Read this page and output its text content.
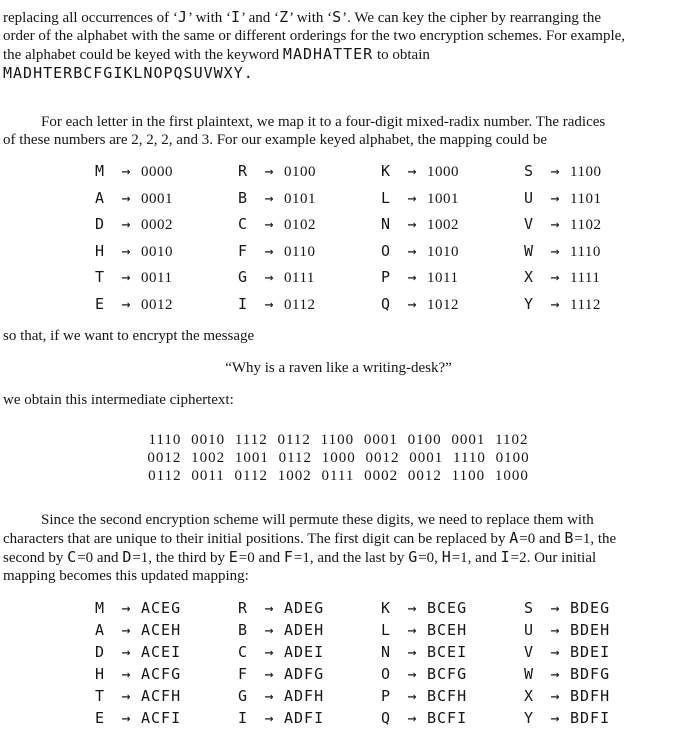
replacing all occurrences of ‘J’ with ‘I’ and ‘Z’ with ‘S’. We can key the cipher by rearranging the
order of the alphabet with the same or different orderings for the two encryption schemes. For example,
the alphabet could be keyed with the keyword MADHATTER to obtain
MADHTERBCFGIKLNOPQSUVWXY.

For each letter in the first plaintext, we map it to a four-digit mixed-radix number. The radices
of these numbers are 2, 2, 2, and 3. For our example keyed alphabet, the mapping could be

M	→ 0000	R	→ 0100	K	→ 1000	S	→ 1100
A	→ 0001	B	→ 0101	L	→ 1001	U	→ 1101
D	→ 0002	C	→ 0102	N	→ 1002	V	→ 1102
H	→ 0010	F	→ 0110	O	→ 1010	W	→ 1110
T	→ 0011	G	→ 0111	P	→ 1011	X	→ 1111
E	→ 0012	I	→ 0112	Q	→ 1012	Y	→ 1112

so that, if we want to encrypt the message

“Why is a raven like a writing-desk?”

we obtain this intermediate ciphertext:

1110 0010 1112 0112 1100 0001 0100 0001 1102
0012 1002 1001 0112 1000 0012 0001 1110 0100
0112 0011 0112 1002 0111 0002 0012 1100 1000

Since the second encryption scheme will permute these digits, we need to replace them with
characters that are unique to their initial positions. The first digit can be replaced by A=0 and B=1, the
second by C=0 and D=1, the third by E=0 and F=1, and the last by G=0, H=1, and I=2. Our initial
mapping becomes this updated mapping:

M	→ ACEG	R	→ ADEG	K	→ BCEG	S	→ BDEG
A	→ ACEH	B	→ ADEH	L	→ BCEH	U	→ BDEH
D	→ ACEI	C	→ ADEI	N	→ BCEI	V	→ BDEI
H	→ ACFG	F	→ ADFG	O	→ BCFG	W	→ BDFG
T	→ ACFH	G	→ ADFH	P	→ BCFH	X	→ BDFH
E	→ ACFI	I	→ ADFI	Q	→ BCFI	Y	→ BDFI
